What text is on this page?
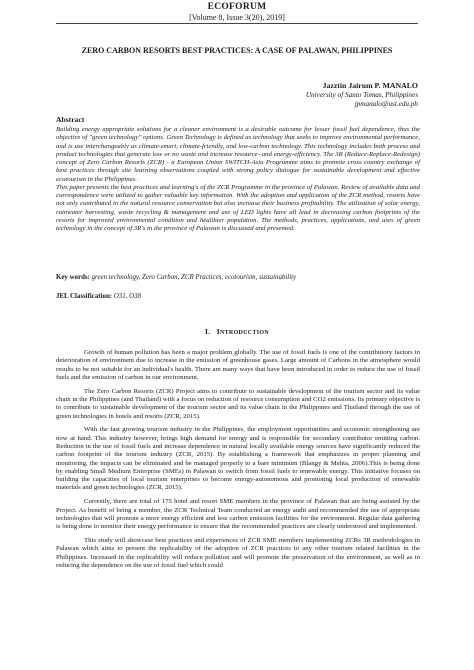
ECOFORUM
[Volume 8, Issue 3(20), 2019]
ZERO CARBON RESORTS BEST PRACTICES: A CASE OF PALAWAN, PHILIPPINES
Jazztin Jairum P. MANALO
University of Santo Tomas, Philippines
jpmanalo@ust.edu.ph
Abstract

Building energy appropriate solutions for a cleaner environment is a desirable outcome for lesser fossil fuel dependence, thus the objective of "green technology" options. Green Technology is defined as technology that seeks to improve environmental performance, and is use interchangeably as climate-smart, climate-friendly, and low-carbon technology. This technology includes both process and product technologies that generate low or no waste and increase resource- and energy-efficiency. The 3R (Reduce-Replace-Redesign) concept of Zero Carbon Resorts (ZCR) - a European Union SWITCH-Asia Programme aims to promote cross country exchange of best practices through site learning observations coupled with strong policy dialogue for sustainable development and effective ecotourism in the Philippines.

This paper presents the best practices and learning's of the ZCR Programme in the province of Palawan. Review of available data and correspondence were utilized to gather valuable key information. With the adoption and application of the ZCR method, resorts have not only contributed in the natural resource conservation but also increase their business profitability. The utilization of solar energy, rainwater harvesting, waste recycling & management and use of LED lights have all lead in decreasing carbon footprints of the resorts for improved environmental condition and healthier population. The methods, practices, applications, and uses of green technology in the concept of 3R's in the province of Palawan is discussed and presented.

Key words: green technology, Zero Carbon, ZCR Practices, ecotourism, sustainability
JEL Classification: O31, O38
I. INTRODUCTION

Growth of human pollution has been a major problem globally. The use of fossil fuels is one of the contributory factors in deterioration of environment due to increase in the emission of greenhouse gases. Large amount of Carbons in the atmosphere would results to be not suitable for an individual's health. There are many ways that have been introduced in order to reduce the use of fossil fuels and the emission of carbon in our environment.

The Zero Carbon Resorts (ZCR) Project aims to contribute to sustainable development of the tourism sector and its value chain in the Philippines (and Thailand) with a focus on reduction of resource consumption and CO2 emissions. Its primary objective is to contribute to sustainable development of the tourism sector and its value chain in the Philippines and Thailand through the use of green technologies in hotels and resorts (ZCR, 2015).

With the fast growing tourism industry in the Philippines, the employment opportunities and economic strengthening are now at hand. This industry however, brings high demand for energy and is responsible for secondary contributor emitting carbon. Reduction in the use of fossil fuels and increase dependence in natural locally available energy sources have significantly reduced the carbon footprint of the tourism industry (ZCR, 2015). By establishing a framework that emphasizes in proper planning and monitoring, the impacts can be eliminated and be managed properly to a bare minimum (Blangy & Mehta, 2006).This is being done by enabling Small Medium Enterprise (SMEs) in Palawan to switch from fossil fuels to renewable energy. This initiative focuses on building the capacities of local tourism enterprises to become energy-autonomous and promoting local production of renewable materials and green technologies (ZCR, 2015).

Currently, there are total of 175 hotel and resort SME members in the province of Palawan that are being assisted by the Project. As benefit of being a member, the ZCR Technical Team conducted an energy audit and recommended the use of appropriate technologies that will promote a more energy efficient and less carbon emission facilities for the environment. Regular data gathering is being done to monitor their energy performance to ensure that the recommended practices are clearly understood and implemented.

This study will showcase best practices and experiences of ZCR SME members implementing ZCRs 3R methodologies in Palawan which aims to present the replicability of the adoption of ZCR practices to any other tourism related facilities in the Philippines. Increased in the replicability will reduce pollution and will promote the preservation of the environment, as well as in reducing the dependence on the use of fossil fuel which could
